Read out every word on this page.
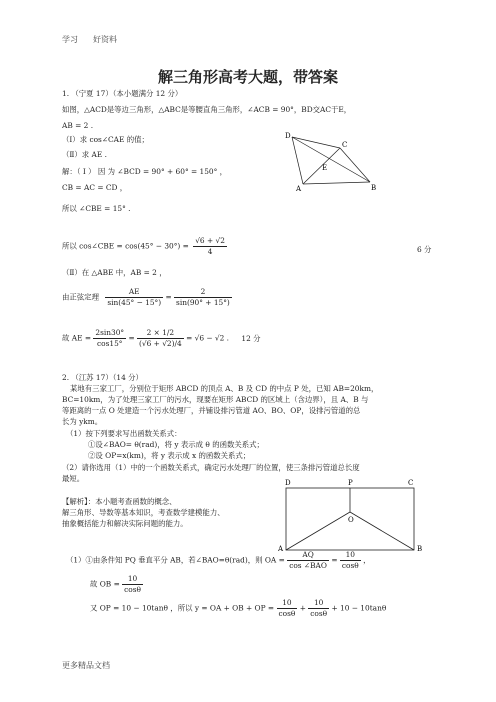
学习 好资料
解三角形高考大题，带答案
1. （宁夏 17）（本小题满分 12 分）
如图，△ACD是等边三角形，△ABC是等腰直角三角形，∠ACB = 90°，BD交AC于E，
AB = 2 .
（Ⅰ）求 cos∠CAE 的值；
（Ⅱ）求 AE .
解：（ Ⅰ ） 因 为 ∠BCD = 90° + 60° = 150° ，
CB = AC = CD ，
所以 ∠CBE = 15° .
D
C
E
A	B
所以 cos∠CBE = $\cos(45^\circ - 30^\circ) = \frac{√6 + √2}{4}$	6 分
（Ⅱ）在 △ABE 中，AB = 2 ，
由正弦定理 $\frac{AE}{\sin(45^\circ - 15^\circ)} = \frac{2}{\sin(90^\circ + 15^\circ)}$
故 AE = $\frac{2\sin 30^\circ}{\cos 15^\circ} = \frac{2 \times 1/2}{(√6 + √2)/4} = √6 - √2$ . 12 分
2. （江苏 17）（14 分）
某地有三家工厂，分别位于矩形 ABCD 的顶点 A、B 及 CD 的中点 P 处，已知 AB=20km，
BC=10km，为了处理三家工厂的污水，现要在矩形 ABCD 的区域上（含边界），且 A、B 与
等距离的一点 O 处建造一个污水处理厂，并铺设排污管道 AO、BO、OP，设排污管道的总
长为 ykm。
（1）按下列要求写出函数关系式：
①设∠BAO= θ(rad)，将 y 表示成 θ 的函数关系式；
②设 OP=x(km)，将 y 表示成 x 的函数关系式；
（2）请你选用（1）中的一个函数关系式，确定污水处理厂的位置，使三条排污管道总长度
最短。
【解析】：本小题考查函数的概念、
解三角形、导数等基本知识，考查数学建模能力、
抽象概括能力和解决实际问题的能力。
D	P	C
O
A	B
（1）①由条件知 PQ 垂直平分 AB，若∠BAO=θ(rad)，则 OA = $\frac{AQ}{\text{cos ∠BAO}} = \frac{10}{\cos\theta}$ ，
故 OB = $\frac{10}{\cos\theta}$
又 OP = 10 − 10tanθ ，所以 y = OA + OB + OP = $\frac{10}{\cos\theta} + \frac{10}{\cos\theta} + 10 - 10\tan\theta$
更多精品文档
